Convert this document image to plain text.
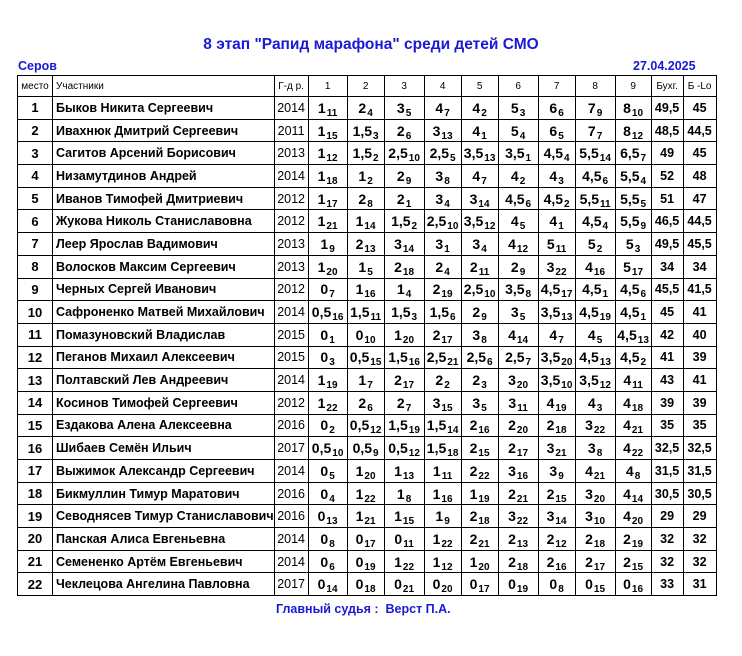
8 этап "Рапид марафона" среди детей СМО
Серов	27.04.2025
место	Участники	Г-д р.	1	2	3	4	5	6	7	8	9	Бухг.	Б -Lo
1	Быков Никита Сергеевич	2014	$1_{11}$	$2_4$	$3_5$	$4_7$	$4_2$	$5_3$	$6_6$	$7_9$	$8_{10}$	49,5	45
2	Ивахнюк Дмитрий Сергеевич	2011	$1_{15}$	$1,5_3$	$2_6$	$3_{13}$	$4_1$	$5_4$	$6_5$	$7_7$	$8_{12}$	48,5	44,5
3	Сагитов Арсений Борисович	2013	$1_{12}$	$1,5_2$	$2,5_{10}$	$2,5_5$	$3,5_{13}$	$3,5_1$	$4,5_4$	$5,5_{14}$	$6,5_7$	49	45
4	Низамутдинов Андрей	2014	$1_{18}$	$1_2$	$2_9$	$3_8$	$4_7$	$4_2$	$4_3$	$4,5_6$	$5,5_4$	52	48
5	Иванов Тимофей Дмитриевич	2012	$1_{17}$	$2_8$	$2_1$	$3_4$	$3_{14}$	$4,5_6$	$4,5_2$	$5,5_{11}$	$5,5_5$	51	47
6	Жукова Николь Станиславовна	2012	$1_{21}$	$1_{14}$	$1,5_2$	$2,5_{10}$	$3,5_{12}$	$4_5$	$4_1$	$4,5_4$	$5,5_9$	46,5	44,5
7	Леер Ярослав Вадимович	2013	$1_9$	$2_{13}$	$3_{14}$	$3_1$	$3_4$	$4_{12}$	$5_{11}$	$5_2$	$5_3$	49,5	45,5
8	Волосков Максим Сергеевич	2013	$1_{20}$	$1_5$	$2_{18}$	$2_4$	$2_{11}$	$2_9$	$3_{22}$	$4_{16}$	$5_{17}$	34	34
9	Черных Сергей Иванович	2012	$0_7$	$1_{16}$	$1_4$	$2_{19}$	$2,5_{10}$	$3,5_8$	$4,5_{17}$	$4,5_1$	$4,5_6$	45,5	41,5
10	Сафроненко Матвей Михайлович	2014	$0,5_{16}$	$1,5_{11}$	$1,5_3$	$1,5_6$	$2_9$	$3_5$	$3,5_{13}$	$4,5_{19}$	$4,5_1$	45	41
11	Помазуновский Владислав	2015	$0_1$	$0_{10}$	$1_{20}$	$2_{17}$	$3_8$	$4_{14}$	$4_7$	$4_5$	$4,5_{13}$	42	40
12	Пеганов Михаил Алексеевич	2015	$0_3$	$0,5_{15}$	$1,5_{16}$	$2,5_{21}$	$2,5_6$	$2,5_7$	$3,5_{20}$	$4,5_{13}$	$4,5_2$	41	39
13	Полтавский Лев Андреевич	2014	$1_{19}$	$1_7$	$2_{17}$	$2_2$	$2_3$	$3_{20}$	$3,5_{10}$	$3,5_{12}$	$4_{11}$	43	41
14	Косинов Тимофей Сергеевич	2012	$1_{22}$	$2_6$	$2_7$	$3_{15}$	$3_5$	$3_{11}$	$4_{19}$	$4_3$	$4_{18}$	39	39
15	Ездакова Алена Алексеевна	2016	$0_2$	$0,5_{12}$	$1,5_{19}$	$1,5_{14}$	$2_{16}$	$2_{20}$	$2_{18}$	$3_{22}$	$4_{21}$	35	35
16	Шибаев Семён Ильич	2017	$0,5_{10}$	$0,5_9$	$0,5_{12}$	$1,5_{18}$	$2_{15}$	$2_{17}$	$3_{21}$	$3_8$	$4_{22}$	32,5	32,5
17	Выжимок Александр Сергеевич	2014	$0_5$	$1_{20}$	$1_{13}$	$1_{11}$	$2_{22}$	$3_{16}$	$3_9$	$4_{21}$	$4_8$	31,5	31,5
18	Бикмуллин Тимур Маратович	2016	$0_4$	$1_{22}$	$1_8$	$1_{16}$	$1_{19}$	$2_{21}$	$2_{15}$	$3_{20}$	$4_{14}$	30,5	30,5
19	Севоднясев Тимур Станиславович	2016	$0_{13}$	$1_{21}$	$1_{15}$	$1_9$	$2_{18}$	$3_{22}$	$3_{14}$	$3_{10}$	$4_{20}$	29	29
20	Панская Алиса Евгеньевна	2014	$0_8$	$0_{17}$	$0_{11}$	$1_{22}$	$2_{21}$	$2_{13}$	$2_{12}$	$2_{18}$	$2_{19}$	32	32
21	Семененко Артём Евгеньевич	2014	$0_6$	$0_{19}$	$1_{22}$	$1_{12}$	$1_{20}$	$2_{18}$	$2_{16}$	$2_{17}$	$2_{15}$	32	32
22	Чеклецова Ангелина Павловна	2017	$0_{14}$	$0_{18}$	$0_{21}$	$0_{20}$	$0_{17}$	$0_{19}$	$0_8$	$0_{15}$	$0_{16}$	33	31
Главный судья :  Верст П.А.
